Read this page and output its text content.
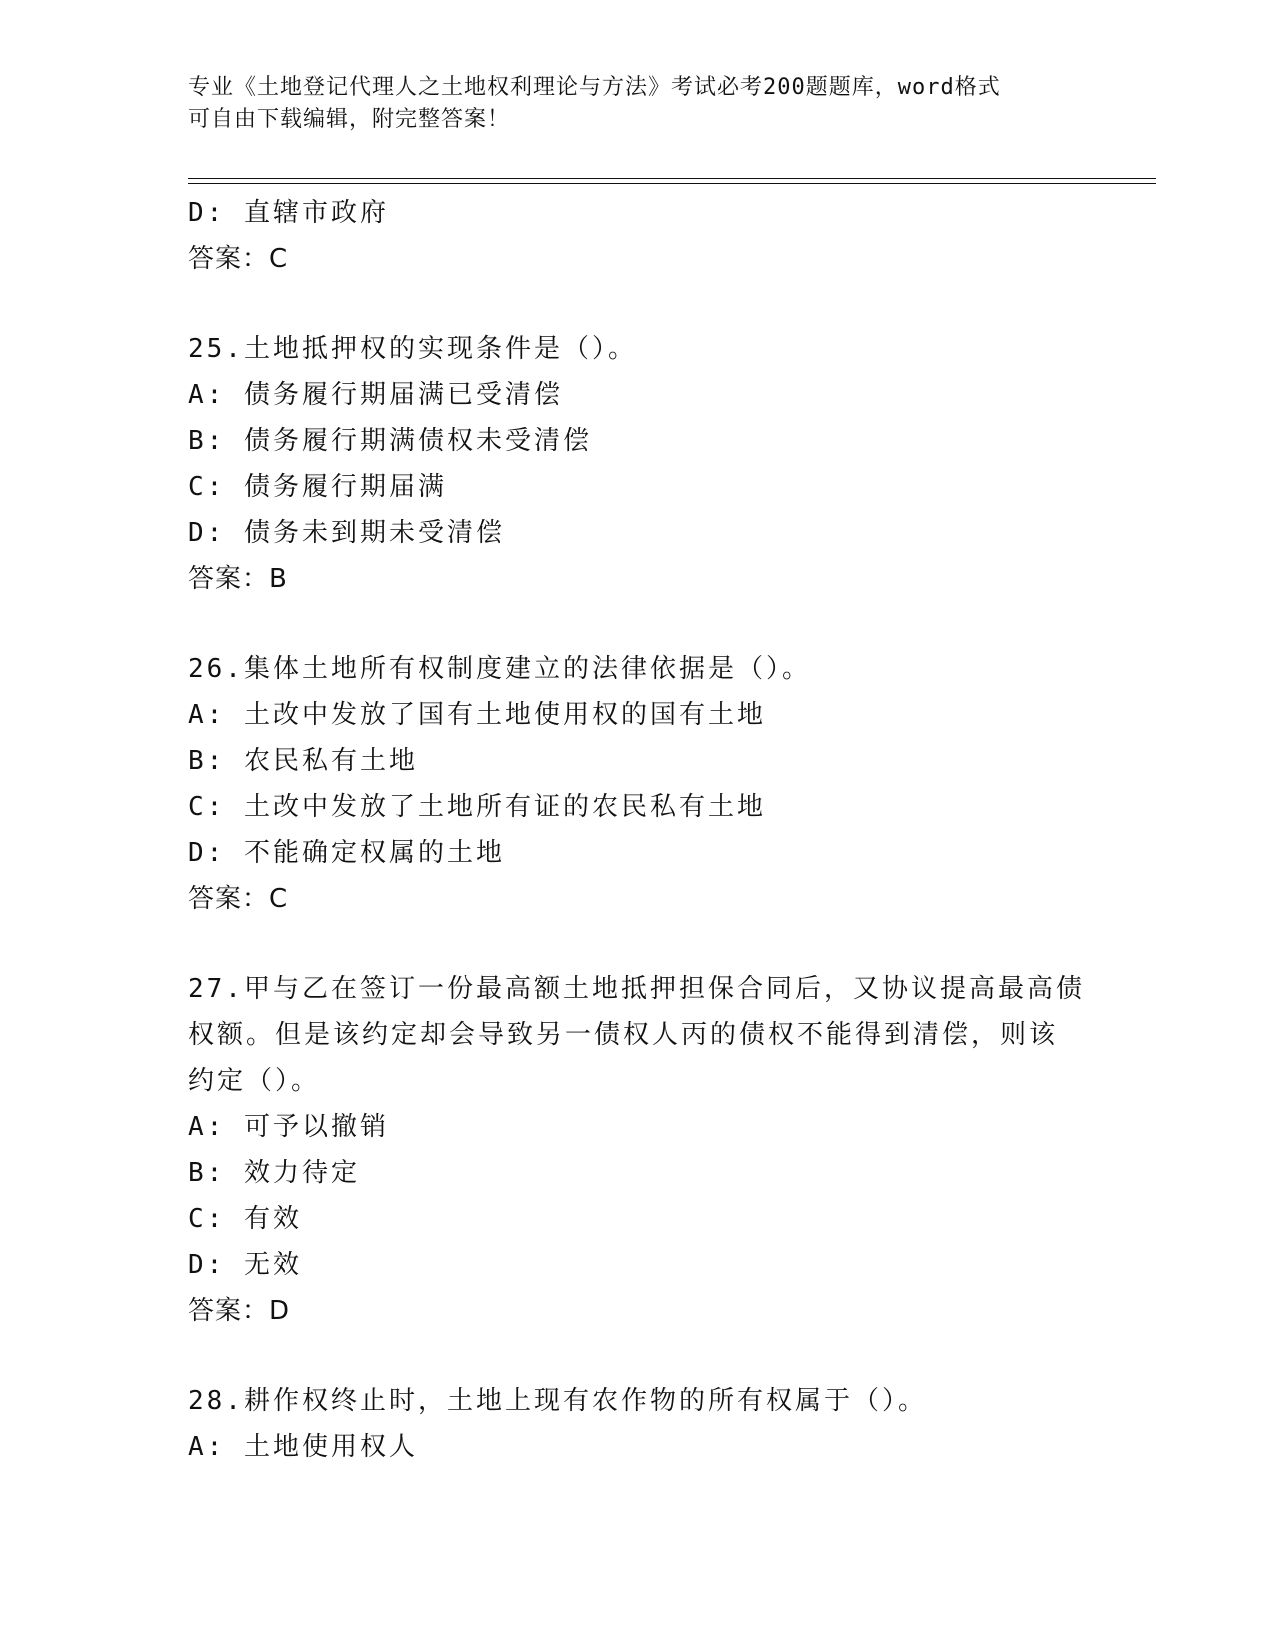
专业《土地登记代理人之土地权利理论与方法》考试必考200题题库，word格式
可自由下载编辑，附完整答案！
D: 直辖市政府
答案：C
25.土地抵押权的实现条件是（）。
A: 债务履行期届满已受清偿
B: 债务履行期满债权未受清偿
C: 债务履行期届满
D: 债务未到期未受清偿
答案：B
26.集体土地所有权制度建立的法律依据是（）。
A: 土改中发放了国有土地使用权的国有土地
B: 农民私有土地
C: 土改中发放了土地所有证的农民私有土地
D: 不能确定权属的土地
答案：C
27.甲与乙在签订一份最高额土地抵押担保合同后，又协议提高最高债
权额。但是该约定却会导致另一债权人丙的债权不能得到清偿，则该
约定（）。
A: 可予以撤销
B: 效力待定
C: 有效
D: 无效
答案：D
28.耕作权终止时，土地上现有农作物的所有权属于（）。
A: 土地使用权人
